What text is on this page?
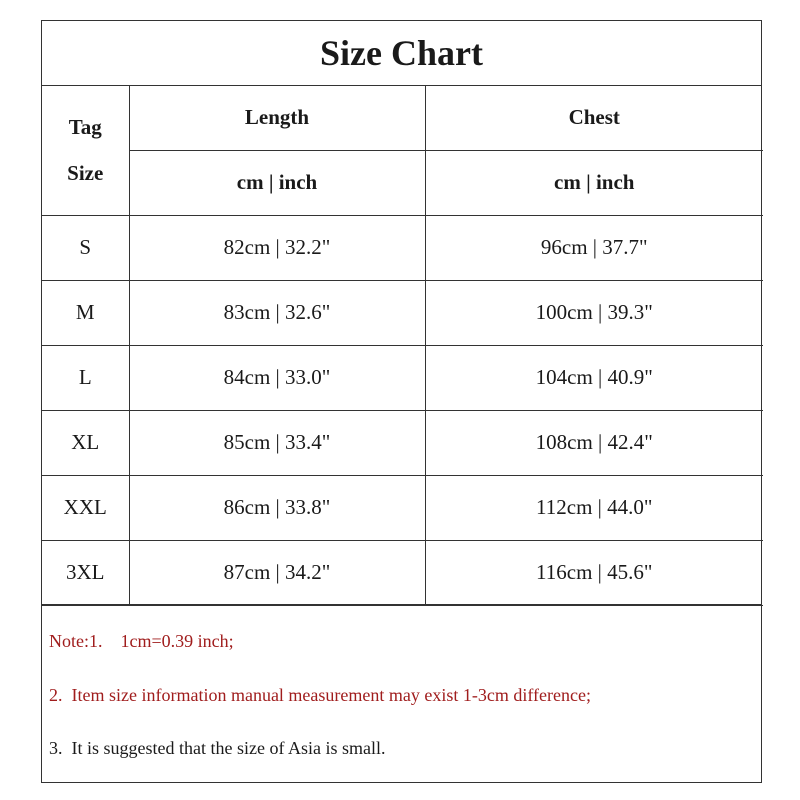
Size Chart
Tag
Size	Length	Chest
	cm | inch	cm | inch
S	82cm | 32.2"	96cm | 37.7"
M	83cm | 32.6"	100cm | 39.3"
L	84cm | 33.0"	104cm | 40.9"
XL	85cm | 33.4"	108cm | 42.4"
XXL	86cm | 33.8"	112cm | 44.0"
3XL	87cm | 34.2"	116cm | 45.6"
Note:1.    1cm=0.39 inch;
2.  Item size information manual measurement may exist 1-3cm difference;
3.  It is suggested that the size of Asia is small.
